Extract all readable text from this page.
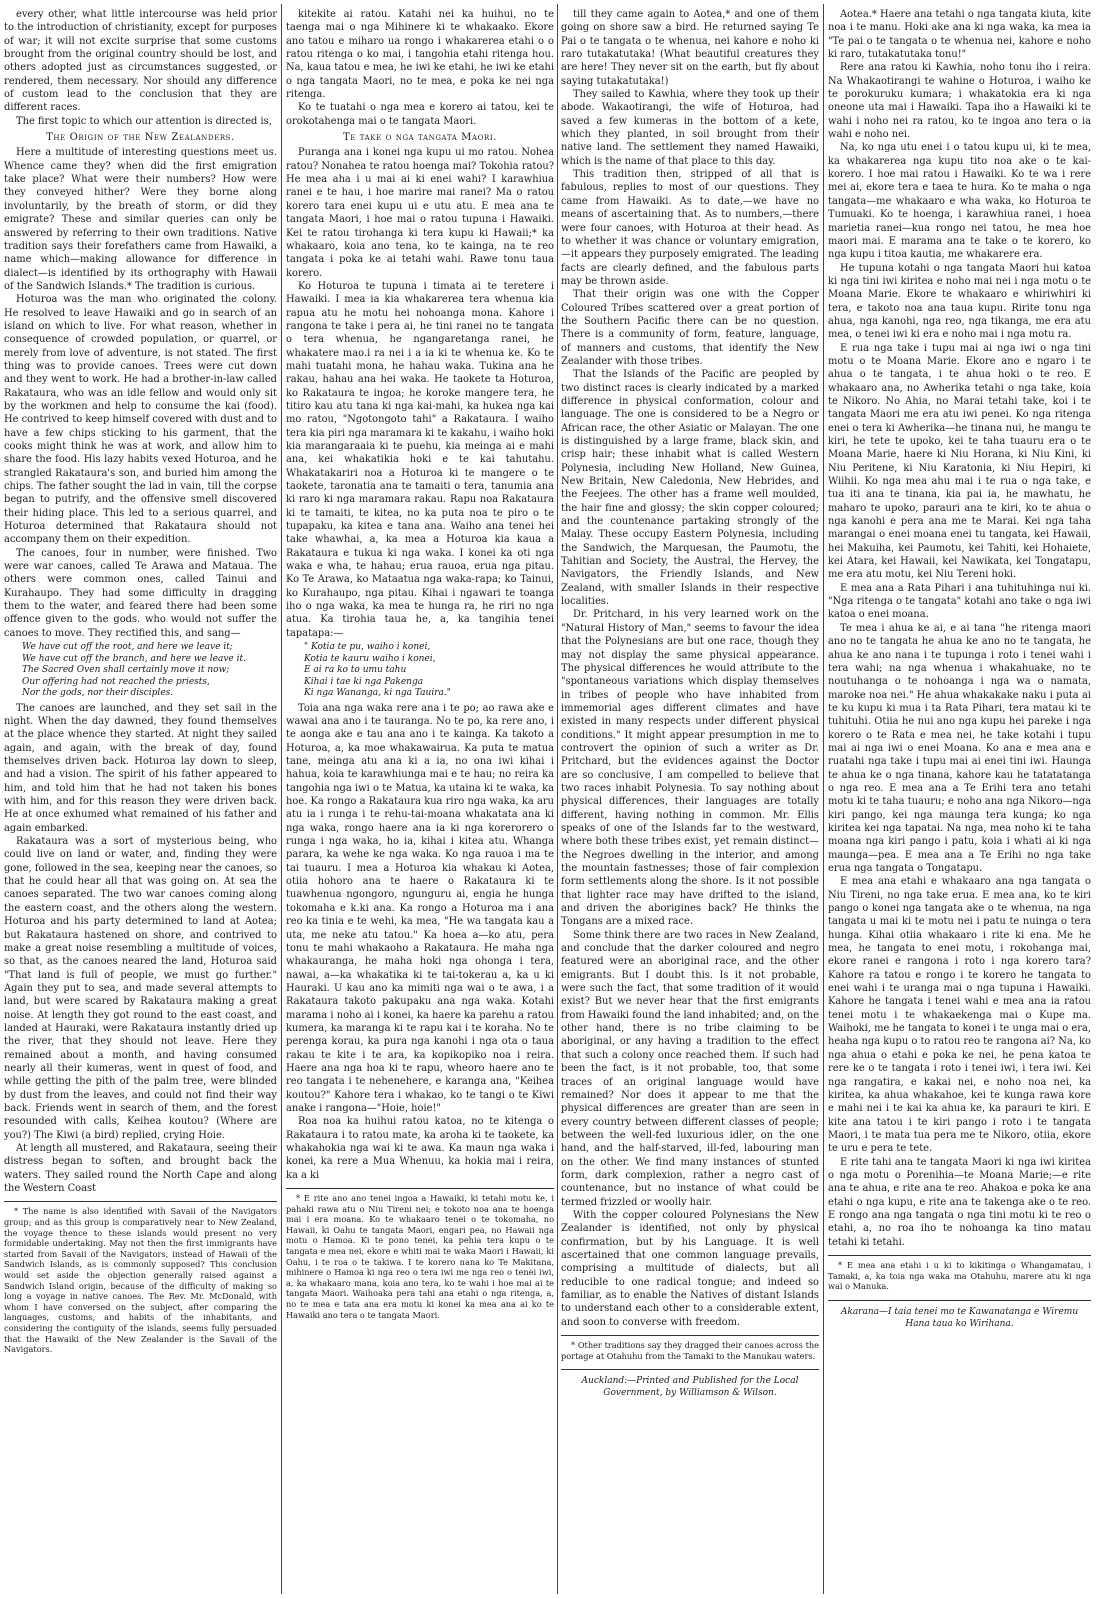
every other, what little intercourse was held prior to the introduction of christianity, except for purposes of war; it will not excite surprise that some customs brought from the original country should be lost, and others adopted just as circumstances suggested, or rendered, them necessary. Nor should any difference of custom lead to the conclusion that they are different races.

The first topic to which our attention is directed is,

The Origin of the New Zealanders.

Here a multitude of interesting questions meet us. Whence came they? when did the first emigration take place? What were their numbers? How were they conveyed hither? Were they borne along involuntarily, by the breath of storm, or did they emigrate? These and similar queries can only be answered by referring to their own traditions. Native tradition says their forefathers came from Hawaiki, a name which—making allowance for difference in dialect—is identified by its orthography with Hawaii of the Sandwich Islands.* The tradition is curious.

Hoturoa was the man who originated the colony. He resolved to leave Hawaiki and go in search of an island on which to live. For what reason, whether in consequence of crowded population, or quarrel, or merely from love of adventure, is not stated. The first thing was to provide canoes. Trees were cut down and they went to work. He had a brother-in-law called Rakataura, who was an idle fellow and would only sit by the workmen and help to consume the kai (food). He contrived to keep himself covered with dust and to have a few chips sticking to his garment, that the cooks might think he was at work, and allow him to share the food. His lazy habits vexed Hoturoa, and he strangled Rakataura's son, and buried him among the chips. The father sought the lad in vain, till the corpse began to putrify, and the offensive smell discovered their hiding place. This led to a serious quarrel, and Hoturoa determined that Rakataura should not accompany them on their expedition.

The canoes, four in number, were finished. Two were war canoes, called Te Arawa and Mataua. The others were common ones, called Tainui and Kurahaupo. They had some difficulty in dragging them to the water, and feared there had been some offence given to the gods. who would not suffer the canoes to move. They rectified this, and sang—

We have cut off the root, and here we leave it;
We have cut off the branch, and here we leave it.
The Sacred Oven shall certainly move it now;
Our offering had not reached the priests,
Nor the gods, nor their disciples.

The canoes are launched, and they set sail in the night. When the day dawned, they found themselves at the place whence they started. At night they sailed again, and again, with the break of day, found themselves driven back. Hoturoa lay down to sleep, and had a vision. The spirit of his father appeared to him, and told him that he had not taken his bones with him, and for this reason they were driven back. He at once exhumed what remained of his father and again embarked.

Rakataura was a sort of mysterious being, who could live on land or water, and, finding they were gone, followed in the sea, keeping near the canoes, so that he could hear all that was going on. At sea the canoes separated. The two war canoes coming along the eastern coast, and the others along the western. Hoturoa and his party determined to land at Aotea; but Rakataura hastened on shore, and contrived to make a great noise resembling a multitude of voices, so that, as the canoes neared the land, Hoturoa said "That land is full of people, we must go further." Again they put to sea, and made several attempts to land, but were scared by Rakataura making a great noise. At length they got round to the east coast, and landed at Hauraki, were Rakataura instantly dried up the river, that they should not leave. Here they remained about a month, and having consumed nearly all their kumeras, went in quest of food, and while getting the pith of the palm tree, were blinded by dust from the leaves, and could not find their way back. Friends went in search of them, and the forest resounded with calls, Keihea koutou? (Where are you?) The Kiwi (a bird) replied, crying Hoie.

At length all mustered, and Rakataura, seeing their distress began to soften, and brought back the waters. They sailed round the North Cape and along the Western Coast

* The name is also identified with Savaii of the Navigators group; and as this group is comparatively near to New Zealand, the voyage thence to these islands would present no very formidable undertaking. May not then the first immigrants have started from Savaii of the Navigators, instead of Hawaii of the Sandwich Islands, as is commonly supposed? This conclusion would set aside the objection generally raised against a Sandwich Island origin, because of the difficulty of making so long a voyage in native canoes. The Rev. Mr. McDonald, with whom I have conversed on the subject, after comparing the languages, customs, and habits of the inhabitants, and considering the contiguity of the islands, seems fully persuaded that the Hawaiki of the New Zealander is the Savaii of the Navigators.

kitekite ai ratou. Katahi nei ka huihui, no te taenga mai o nga Mihinere ki te whakaako. Ekore ano tatou e miharo ua rongo i whakarerea etahi o o ratou ritenga o ko mai, i tangohia etahi ritenga hou. Na, kaua tatou e mea, he iwi ke etahi, he iwi ke etahi o nga tangata Maori, no te mea, e poka ke nei nga ritenga.

Ko te tuatahi o nga mea e korero ai tatou, kei te orokotahenga mai o te tangata Maori.

Te take o nga tangata Maori.

Puranga ana i konei nga kupu ui mo ratou. Nohea ratou? Nonahea te ratou hoenga mai? Tokohia ratou? He mea aha i u mai ai ki enei wahi? I karawhiua ranei e te hau, i hoe marire mai ranei? Ma o ratou korero tara enei kupu ui e utu atu. E mea ana te tangata Maori, i hoe mai o ratou tupuna i Hawaiki. Kei te ratou tirohanga ki tera kupu ki Hawaii;* ka whakaaro, koia ano tena, ko te kainga, na te reo tangata i poka ke ai tetahi wahi. Rawe tonu taua korero.

Ko Hoturoa te tupuna i timata ai te teretere i Hawaiki. I mea ia kia whakarerea tera whenua kia rapua atu he motu hei nohoanga mona. Kahore i rangona te take i pera ai, he tini ranei no te tangata o tera whenua, he ngangaretanga ranei, he whakatere mao.i ra nei i a ia ki te whenua ke. Ko te mahi tuatahi mona, he hahau waka. Tukina ana he rakau, hahau ana hei waka. He taokete ta Hoturoa, ko Rakataura te ingoa; he koroke mangere tera, he titiro kau atu tana ki nga kai-mahi, ka hukea nga kai mo ratou, "Ngotongoto tahi" a Rakataura. I waiho tera kia piri nga maramara ki te kakahu, i waiho hoki kia marangaraaia ki te puehu, kia meinga ai e mahi ana, kei whakatikia hoki e te kai tahutahu. Whakatakariri noa a Hoturoa ki te mangere o te taokete, taronatia ana te tamaiti o tera, tanumia ana ki raro ki nga maramara rakau. Rapu noa Rakataura ki te tamaiti, te kitea, no ka puta noa te piro o te tupapaku, ka kitea e tana ana. Waiho ana tenei hei take whawhai, a, ka mea a Hoturoa kia kaua a Rakataura e tukua ki nga waka. I konei ka oti nga waka e wha, te hahau; erua rauoa, erua nga pitau. Ko Te Arawa, ko Mataatua nga waka-rapa; ko Tainui, ko Kurahaupo, nga pitau. Kihai i ngawari te toanga iho o nga waka, ka mea te hunga ra, he riri no nga atua. Ka tirohia taua he, a, ka tangihia tenei tapatapa:—

" Kotia te pu, waiho i konei,
Kotia te kauru waiho i konei,
E ai ra ko to umu tahu
Kihai i tae ki nga Pakenga
Ki nga Wananga, ki nga Tauira."

Toia ana nga waka rere ana i te po; ao rawa ake e wawai ana ano i te tauranga. No te po, ka rere ano, i te aonga ake e tau ana ano i te kainga. Ka takoto a Hoturoa, a, ka moe whakawairua. Ka puta te matua tane, meinga atu ana ki a ia, no ona iwi kihai i hahua, koia te karawhiunga mai e te hau; no reira ka tangohia nga iwi o te Matua, ka utaina ki te waka, ka hoe. Ka rongo a Rakataura kua riro nga waka, ka aru atu ia i runga i te rehu-tai-moana whakatata ana ki nga waka, rongo haere ana ia ki nga korerorero o runga i nga waka, ho ia, kihai i kitea atu. Whanga parara, ka wehe ke nga waka. Ko nga rauoa i ma te tai tuauru. I mea a Hoturoa kia whakau ki Aotea, otiia hohoro ana te haere o Rakataura ki te tuawhenua ngongoro, ngunguru ai, engia he hunga tokomaha e k.ki ana. Ka rongo a Hoturoa ma i ana reo ka tinia e te wehi, ka mea, "He wa tangata kau a uta, me neke atu tatou." Ka hoea a—ko atu, pera tonu te mahi whakaoho a Rakataura. He maha nga whakauranga, he maha hoki nga ohonga i tera, nawai, a—ka whakatika ki te tai-tokerau a, ka u ki Hauraki. U kau ano ka mimiti nga wai o te awa, i a Rakataura takoto pakupaku ana nga waka. Kotahi marama i noho ai i konei, ka haere ka parehu a ratou kumera, ka maranga ki te rapu kai i te koraha. No te perenga korau, ka pura nga kanohi i nga ota o taua rakau te kite i te ara, ka kopikopiko noa i reira. Haere ana nga hoa ki te rapu, wheoro haere ano te reo tangata i te nehenehere, e karanga ana, "Keihea koutou?" Kahore tera i whakao, ko te tangi o te Kiwi anake i rangona—"Hoie, hoie!"

Roa noa ka huihui ratou katoa, no te kitenga o Rakataura i to ratou mate, ka aroha ki te taokete, ka whakahokia nga wai ki te awa. Ka maun nga waka i konei, ka rere a Mua Whenuu, ka hokia mai i reira, ka a ki

* E rite ano ano tenei ingoa a Hawaiki, ki tetahi motu ke, i pahaki rawa atu o Niu Tireni nei; e tokoto noa ana te hoenga mai i era moana. Ko te whakaaro tenei o te tokomaha, no Hawaii, ki Oahu te tangata Maori, engari pea, no Hawaii nga motu o Hamoa. Ki te pono tenei, ka pehia tera kupu o te tangata e mea nei, ekore e whiti mai te waka Maori i Hawaii, ki Oahu, i te roa o te takiwa. I te korero nana ko Te Makitana, mihinere o Hamoa ki nga reo o tera iwi me nga reo o tenei iwi, a, ka whakaaro mana, koia ano tera, ko te wahi i hoe mai ai te tangata Maori. Waihoaka pera tahi ana etahi o nga ritenga, a, no te mea e tata ana era motu ki konei ka mea ana ai ko te Hawaiki ano tera o te tangata Maori.

till they came again to Aotea,* and one of them going on shore saw a bird. He returned saying Te Pai o te tangata o te whenua, nei kahore e noho ki raro tutakatutaka! (What beautiful creatures they are here! They never sit on the earth, but fly about saying tutakatutaka!)

They sailed to Kawhia, where they took up their abode. Wakaotirangi, the wife of Hoturoa, had saved a few kumeras in the bottom of a kete, which they planted, in soil brought from their native land. The settlement they named Hawaiki, which is the name of that place to this day.

This tradition then, stripped of all that is fabulous, replies to most of our questions. They came from Hawaiki. As to date,—we have no means of ascertaining that. As to numbers,—there were four canoes, with Hoturoa at their head. As to whether it was chance or voluntary emigration,—it appears they purposely emigrated. The leading facts are clearly defined, and the fabulous parts may be thrown aside.

That their origin was one with the Copper Coloured Tribes scattered over a great portion of the Southern Pacific there can be no question. There is a community of form, feature, language, of manners and customs, that identify the New Zealander with those tribes.

That the Islands of the Pacific are peopled by two distinct races is clearly indicated by a marked difference in physical conformation, colour and language. The one is considered to be a Negro or African race, the other Asiatic or Malayan. The one is distinguished by a large frame, black skin, and crisp hair; these inhabit what is called Western Polynesia, including New Holland, New Guinea, New Britain, New Caledonia, New Hebrides, and the Feejees. The other has a frame well moulded, the hair fine and glossy; the skin copper coloured; and the countenance partaking strongly of the Malay. These occupy Eastern Polynesia, including the Sandwich, the Marquesan, the Paumotu, the Tahitian and Society, the Austral, the Hervey, the Navigators, the Friendly Islands, and New Zealand, with smaller Islands in their respective localities.

Dr. Pritchard, in his very learned work on the "Natural History of Man," seems to favour the idea that the Polynesians are but one race, though they may not display the same physical appearance. The physical differences he would attribute to the "spontaneous variations which display themselves in tribes of people who have inhabited from immemorial ages different climates and have existed in many respects under different physical conditions." It might appear presumption in me to controvert the opinion of such a writer as Dr. Pritchard, but the evidences against the Doctor are so conclusive, I am compelled to believe that two races inhabit Polynesia. To say nothing about physical differences, their languages are totally different, having nothing in common. Mr. Ellis speaks of one of the Islands far to the westward, where both these tribes exist, yet remain distinct—the Negroes dwelling in the interior, and among the mountain fastnesses; those of fair complexion form settlements along the shore. Is it not possible that lighter race may have drifted to the island, and driven the aborigines back? He thinks the Tongans are a mixed race.

Some think there are two races in New Zealand, and conclude that the darker coloured and negro featured were an aboriginal race, and the other emigrants. But I doubt this. Is it not probable, were such the fact, that some tradition of it would exist? But we never hear that the first emigrants from Hawaiki found the land inhabited; and, on the other hand, there is no tribe claiming to be aboriginal, or any having a tradition to the effect that such a colony once reached them. If such had been the fact, is it not probable, too, that some traces of an original language would have remained? Nor does it appear to me that the physical differences are greater than are seen in every country between different classes of people; between the well-fed luxurious idler, on the one hand, and the half-starved, ill-fed, labouring man on the other. We find many instances of stunted form, dark complexion, rather a negro cast of countenance, but no instance of what could be termed frizzled or woolly hair.

With the copper coloured Polynesians the New Zealander is identified, not only by physical confirmation, but by his Language. It is well ascertained that one common language prevails, comprising a multitude of dialects, but all reducible to one radical tongue; and indeed so familiar, as to enable the Natives of distant Islands to understand each other to a considerable extent, and soon to converse with freedom.

* Other traditions say they dragged their canoes across the portage at Otahuhu from the Tamaki to the Manukau waters.

Auckland:—Printed and Published for the Local Government, by Williamson & Wilson.

Aotea.* Haere ana tetahi o nga tangata kiuta, kite noa i te manu. Hoki ake ana ki nga waka, ka mea ia "Te pai o te tangata o te whenua nei, kahore e noho ki raro, tutakatutaka tonu!"

Rere ana ratou ki Kawhia, noho tonu iho i reira. Na Whakaotirangi te wahine o Hoturoa, i waiho ke te porokuruku kumara; i whakatokia era ki nga oneone uta mai i Hawaiki. Tapa iho a Hawaiki ki te wahi i noho nei ra ratou, ko te ingoa ano tera o ia wahi e noho nei.

Na, ko nga utu enei i o tatou kupu ui, ki te mea, ka whakarerea nga kupu tito noa ake o te kai-korero. I hoe mai ratou i Hawaiki. Ko te wa i rere mei ai, ekore tera e taea te hura. Ko te maha o nga tangata—me whakaaro e wha waka, ko Hoturoa te Tumuaki. Ko te hoenga, i karawhiua ranei, i hoea marietia ranei—kua rongo nei tatou, he mea hoe maori mai. E marama ana te take o te korero, ko nga kupu i titoa kautia, me whakarere era.

He tupuna kotahi o nga tangata Maori hui katoa ki nga tini iwi kiritea e noho mai nei i nga motu o te Moana Marie. Ekore te whakaaro e whiriwhiri ki tera, e takoto noa ana taua kupu. Ririte tonu nga ahua, nga kanohi, nga reo, nga tikanga, me era atu mea, o tenei iwi ki era e noho mai i nga motu ra.

E rua nga take i tupu mai ai nga iwi o nga tini motu o te Moana Marie. Ekore ano e ngaro i te ahua o te tangata, i te ahua hoki o te reo. E whakaaro ana, no Awherika tetahi o nga take, koia te Nikoro. No Ahia, no Marai tetahi take, koi i te tangata Maori me era atu iwi penei. Ko nga ritenga enei o tera ki Awherika—he tinana nui, he mangu te kiri, he tete te upoko, kei te taha tuauru era o te Moana Marie, haere ki Niu Horana, ki Niu Kini, ki Niu Peritene, ki Niu Karatonia, ki Niu Hepiri, ki Wiihii. Ko nga mea ahu mai i te rua o nga take, e tua iti ana te tinana, kia pai ia, he mawhatu, he maharo te upoko, parauri ana te kiri, ko te ahua o nga kanohi e pera ana me te Marai. Kei nga taha marangai o enei moana enei tu tangata, kei Hawaii, hei Makuiha, kei Paumotu, kei Tahiti, kei Hohaiete, kei Atara, kei Hawaii, kei Nawikata, kei Tongatapu, me era atu motu, kei Niu Tereni hoki.

E mea ana a Rata Pihari i ana tuhituhinga nui ki. "Nga ritenga o te tangata" kotahi ano take o nga iwi katoa o enei moana.

Te mea i ahua ke ai, e ai tana "he ritenga maori ano no te tangata he ahua ke ano no te tangata, he ahua ke ano nana i te tupunga i roto i tenei wahi i tera wahi; na nga whenua i whakahuake, no te noutuhanga o te nohoanga i nga wa o namata, maroke noa nei." He ahua whakakake naku i puta ai te ku kupu ki mua i ta Rata Pihari, tera matau ki te tuhituhi. Otiia he nui ano nga kupu hei pareke i nga korero o te Rata e mea nei, he take kotahi i tupu mai ai nga iwi o enei Moana. Ko ana e mea ana e ruatahi nga take i tupu mai ai enei tini iwi. Haunga te ahua ke o nga tinana, kahore kau he tatatatanga o nga reo. E mea ana a Te Erihi tera ano tetahi motu ki te taha tuauru; e noho ana nga Nikoro—nga kiri pango, kei nga maunga tera kunga; ko nga kiritea kei nga tapatai. Na nga, mea noho ki te taha moana nga kiri pango i patu, koia i whati ai ki nga maunga—pea. E mea ana a Te Erihi no nga take erua nga tangata o Tongatapu.

E mea ana etahi e whakaaro ana nga tangata o Niu Tireni, no nga take erua. E mea ana, ko te kiri pango o konei nga tangata ake o te whenua, na nga tangata u mai ki te motu nei i patu te nuinga o tera hunga. Kihai otiia whakaaro i rite ki ena. Me he mea, he tangata to enei motu, i rokohanga mai, ekore ranei e rangona i roto i nga korero tara? Kahore ra tatou e rongo i te korero he tangata to enei wahi i te uranga mai o nga tupuna i Hawaiki. Kahore he tangata i tenei wahi e mea ana ia ratou tenei motu i te whakaekenga mai o Kupe ma. Waihoki, me he tangata to konei i te unga mai o era, heaha nga kupu o to ratou reo te rangona ai? Na, ko nga ahua o etahi e poka ke nei, he pena katoa te rere ke o te tangata i roto i tenei iwi, i tera iwi. Kei nga rangatira, e kakai nei, e noho noa nei, ka kiritea, ka ahua whakahoe, kei te kunga rawa kore e mahi nei i te kai ka ahua ke, ka parauri te kiri. E kite ana tatou i te kiri pango i roto i te tangata Maori, i te mata tua pera me te Nikoro, otiia, ekore te uru e pera te tete.

E rite tahi ana te tangata Maori ki nga iwi kiritea o nga motu o Porenihia—te Moana Marie;—e rite ana te ahua, e rite ana te reo. Ahakoa e poka ke ana etahi o nga kupu, e rite ana te takenga ake o te reo. E rongo ana nga tangata o nga tini motu ki te reo o etahi, a, no roa iho te nohoanga ka tino matau tetahi ki tetahi.

* E mea ana etahi i u ki to kikitinga o Whangamatau, i Tamaki, a, ka toia nga waka ma Otahuhu, marere atu ki nga wai o Manuka.

Akarana—I taia tenei mo te Kawanatanga e Wiremu Hana taua ko Wirihana.
